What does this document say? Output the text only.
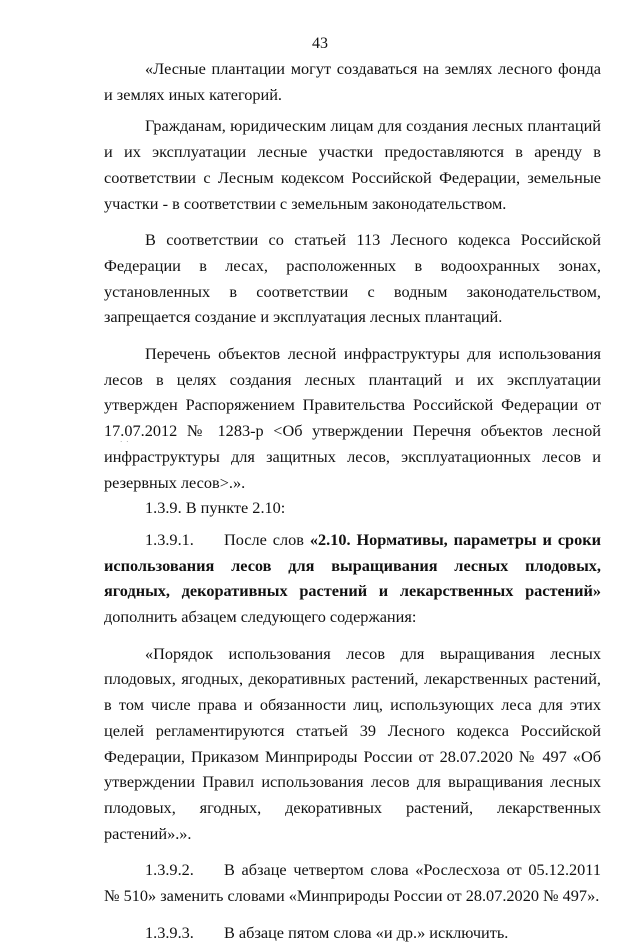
43

«Лесные плантации могут создаваться на землях лесного фонда и землях иных категорий.

Гражданам, юридическим лицам для создания лесных плантаций и их эксплуатации лесные участки предоставляются в аренду в соответствии с Лесным кодексом Российской Федерации, земельные участки - в соответствии с земельным законодательством.

В соответствии со статьей 113 Лесного кодекса Российской Федерации в лесах, расположенных в водоохранных зонах, установленных в соответствии с водным законодательством, запрещается создание и эксплуатация лесных плантаций.

Перечень объектов лесной инфраструктуры для использования лесов в целях создания лесных плантаций и их эксплуатации утвержден Распоряжением Правительства Российской Федерации от 17.07.2012 № 1283-р <Об утверждении Перечня объектов лесной инфраструктуры для защитных лесов, эксплуатационных лесов и резервных лесов>.».

1.3.9. В пункте 2.10:

1.3.9.1. После слов «2.10. Нормативы, параметры и сроки использования лесов для выращивания лесных плодовых, ягодных, декоративных растений и лекарственных растений» дополнить абзацем следующего содержания:

«Порядок использования лесов для выращивания лесных плодовых, ягодных, декоративных растений, лекарственных растений, в том числе права и обязанности лиц, использующих леса для этих целей регламентируются статьей 39 Лесного кодекса Российской Федерации, Приказом Минприроды России от 28.07.2020 № 497 «Об утверждении Правил использования лесов для выращивания лесных плодовых, ягодных, декоративных растений, лекарственных растений».».

1.3.9.2. В абзаце четвертом слова «Рослесхоза от 05.12.2011 № 510» заменить словами «Минприроды России от 28.07.2020 № 497».

1.3.9.3. В абзаце пятом слова «и др.» исключить.

· ·
